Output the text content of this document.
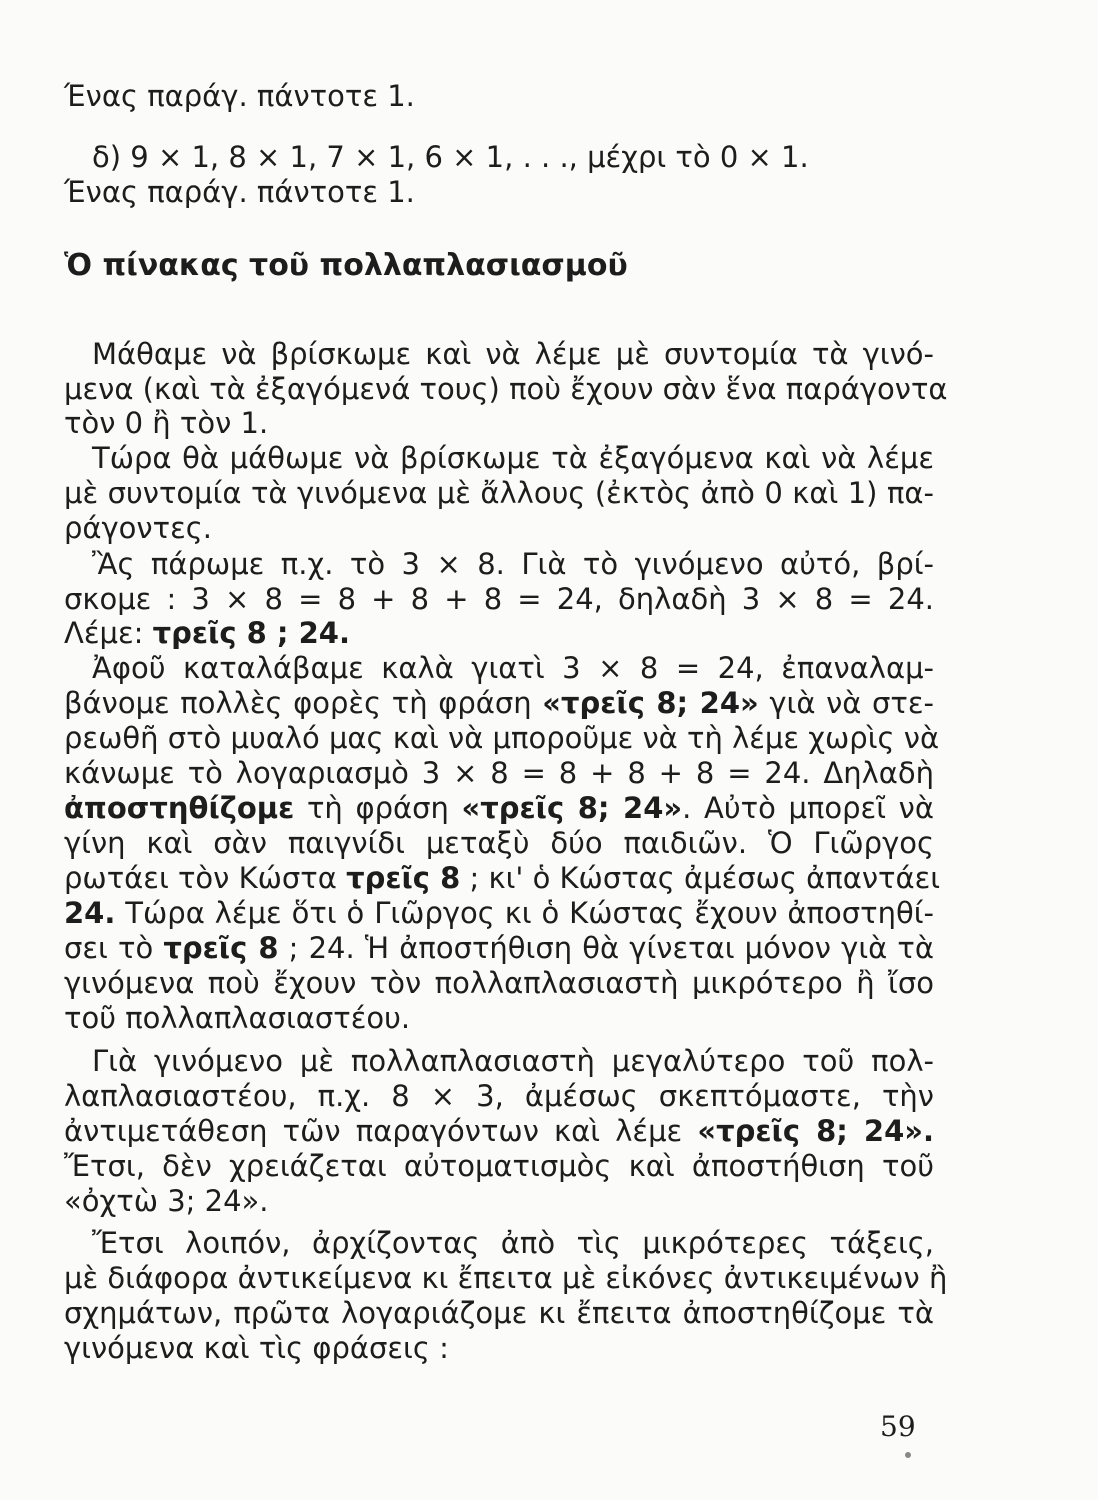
Ένας παράγ. πάντοτε 1.
δ) 9 × 1, 8 × 1, 7 × 1, 6 × 1, . . ., μέχρι τὸ 0 × 1.
Ένας παράγ. πάντοτε 1.
Ὁ πίνακας τοῦ πολλαπλασιασμοῦ
Μάθαμε νὰ βρίσκωμε καὶ νὰ λέμε μὲ συντομία τὰ γινό-
μενα (καὶ τὰ ἐξαγόμενά τους) ποὺ ἔχουν σὰν ἕνα παράγοντα
τὸν 0 ἢ τὸν 1.
Τώρα θὰ μάθωμε νὰ βρίσκωμε τὰ ἐξαγόμενα καὶ νὰ λέμε
μὲ συντομία τὰ γινόμενα μὲ ἄλλους (ἐκτὸς ἀπὸ 0 καὶ 1) πα-
ράγοντες.
Ἂς πάρωμε π.χ. τὸ 3 × 8. Γιὰ τὸ γινόμενο αὐτό, βρί-
σκομε : 3 × 8 = 8 + 8 + 8 = 24, δηλαδὴ 3 × 8 = 24.
Λέμε: τρεῖς 8 ; 24.
Ἀφοῦ καταλάβαμε καλὰ γιατὶ 3 × 8 = 24, ἐπαναλαμ-
βάνομε πολλὲς φορὲς τὴ φράση «τρεῖς 8; 24» γιὰ νὰ στε-
ρεωθῆ στὸ μυαλό μας καὶ νὰ μποροῦμε νὰ τὴ λέμε χωρὶς νὰ
κάνωμε τὸ λογαριασμὸ 3 × 8 = 8 + 8 + 8 = 24. Δηλαδὴ
ἀποστηθίζομε τὴ φράση «τρεῖς 8; 24». Αὐτὸ μπορεῖ νὰ
γίνη καὶ σὰν παιγνίδι μεταξὺ δύο παιδιῶν. Ὁ Γιῶργος
ρωτάει τὸν Κώστα τρεῖς 8 ; κι' ὁ Κώστας ἀμέσως ἀπαντάει
24. Τώρα λέμε ὅτι ὁ Γιῶργος κι ὁ Κώστας ἔχουν ἀποστηθί-
σει τὸ τρεῖς 8 ; 24. Ἡ ἀποστήθιση θὰ γίνεται μόνον γιὰ τὰ
γινόμενα ποὺ ἔχουν τὸν πολλαπλασιαστὴ μικρότερο ἢ ἴσο
τοῦ πολλαπλασιαστέου.
Γιὰ γινόμενο μὲ πολλαπλασιαστὴ μεγαλύτερο τοῦ πολ-
λαπλασιαστέου, π.χ. 8 × 3, ἀμέσως σκεπτόμαστε, τὴν
ἀντιμετάθεση τῶν παραγόντων καὶ λέμε «τρεῖς 8; 24».
Ἔτσι, δὲν χρειάζεται αὐτοματισμὸς καὶ ἀποστήθιση τοῦ
«ὀχτὼ 3; 24».
Ἔτσι λοιπόν, ἀρχίζοντας ἀπὸ τὶς μικρότερες τάξεις,
μὲ διάφορα ἀντικείμενα κι ἔπειτα μὲ εἰκόνες ἀντικειμένων ἢ
σχημάτων, πρῶτα λογαριάζομε κι ἔπειτα ἀποστηθίζομε τὰ
γινόμενα καὶ τὶς φράσεις :
59
